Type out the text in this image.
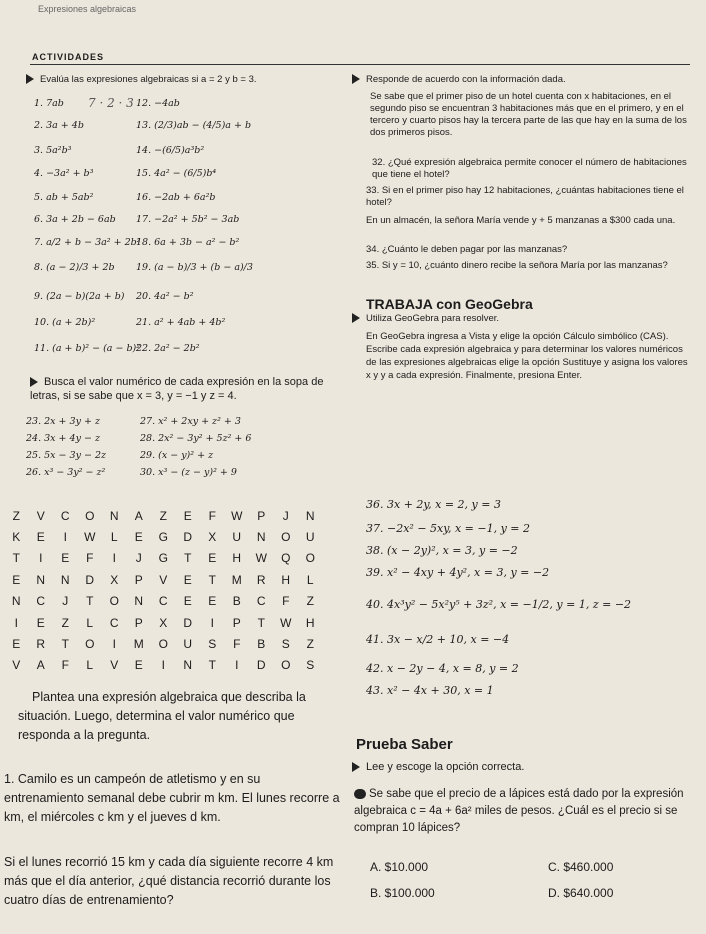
Expresiones algebraicas
ACTIVIDADES
Evalúa las expresiones algebraicas si a = 2 y b = 3.
7 · 2 · 3
1. 7ab
2. 3a + 4b
3. 5a²b³
4. −3a² + b³
5. ab + 5ab²
6. 3a + 2b − 6ab
7. a/2 + b − 3a² + 2b²
8. (a − 2)/3 + 2b
9. (2a − b)(2a + b)
10. (a + 2b)²
11. (a + b)² − (a − b)²
12. −4ab
13. (2/3)ab − (4/5)a + b
14. −(6/5)a³b²
15. 4a² − (6/5)b⁴
16. −2ab + 6a²b
17. −2a² + 5b² − 3ab
18. 6a + 3b − a² − b²
19. (a − b)/3 + (b − a)/3
20. 4a² − b²
21. a² + 4ab + 4b²
22. 2a² − 2b²
Busca el valor numérico de cada expresión en la sopa de letras, si se sabe que x = 3, y = −1 y z = 4.
23. 2x + 3y + z
24. 3x + 4y − z
25. 5x − 3y − 2z
26. x³ − 3y² − z²
27. x² + 2xy + z² + 3
28. 2x² − 3y² + 5z² + 6
29. (x − y)² + z
30. x³ − (z − y)² + 9
Z	V	C	O	N	A	Z	E	F	W	P	J	N
K	E	I	W	L	E	G	D	X	U	N	O	U
T	I	E	F	I	J	G	T	E	H	W	Q	O
E	N	N	D	X	P	V	E	T	M	R	H	L
N	C	J	T	O	N	C	E	E	B	C	F	Z
I	E	Z	L	C	P	X	D	I	P	T	W	H
E	R	T	O	I	M	O	U	S	F	B	S	Z
V	A	F	L	V	E	I	N	T	I	D	O	S
Plantea una expresión algebraica que describa la situación. Luego, determina el valor numérico que responda a la pregunta.
1. Camilo es un campeón de atletismo y en su entrenamiento semanal debe cubrir m km. El lunes recorre a km, el miércoles c km y el jueves d km.
Si el lunes recorrió 15 km y cada día siguiente recorre 4 km más que el día anterior, ¿qué distancia recorrió durante los cuatro días de entrenamiento?
Responde de acuerdo con la información dada.
Se sabe que el primer piso de un hotel cuenta con x habitaciones, en el segundo piso se encuentran 3 habitaciones más que en el primero, y en el tercero y cuarto pisos hay la tercera parte de las que hay en la suma de los dos primeros pisos.
32. ¿Qué expresión algebraica permite conocer el número de habitaciones que tiene el hotel?
33. Si en el primer piso hay 12 habitaciones, ¿cuántas habitaciones tiene el hotel?
En un almacén, la señora María vende y + 5 manzanas a $300 cada una.
34. ¿Cuánto le deben pagar por las manzanas?
35. Si y = 10, ¿cuánto dinero recibe la señora María por las manzanas?
TRABAJA con GeoGebra
Utiliza GeoGebra para resolver.
En GeoGebra ingresa a Vista y elige la opción Cálculo simbólico (CAS). Escribe cada expresión algebraica y para determinar los valores numéricos de las expresiones algebraicas elige la opción Sustituye y asigna los valores x y y a cada expresión. Finalmente, presiona Enter.
36. 3x + 2y, x = 2, y = 3
37. −2x² − 5xy, x = −1, y = 2
38. (x − 2y)², x = 3, y = −2
39. x² − 4xy + 4y², x = 3, y = −2
40. 4x³y² − 5x²y⁵ + 3z², x = −1/2, y = 1, z = −2
41. 3x − x/2 + 10, x = −4
42. x − 2y − 4, x = 8, y = 2
43. x² − 4x + 30, x = 1
Prueba Saber
Lee y escoge la opción correcta.
Se sabe que el precio de a lápices está dado por la expresión algebraica c = 4a + 6a² miles de pesos. ¿Cuál es el precio si se compran 10 lápices?
A. $10.000
B. $100.000
C. $460.000
D. $640.000
